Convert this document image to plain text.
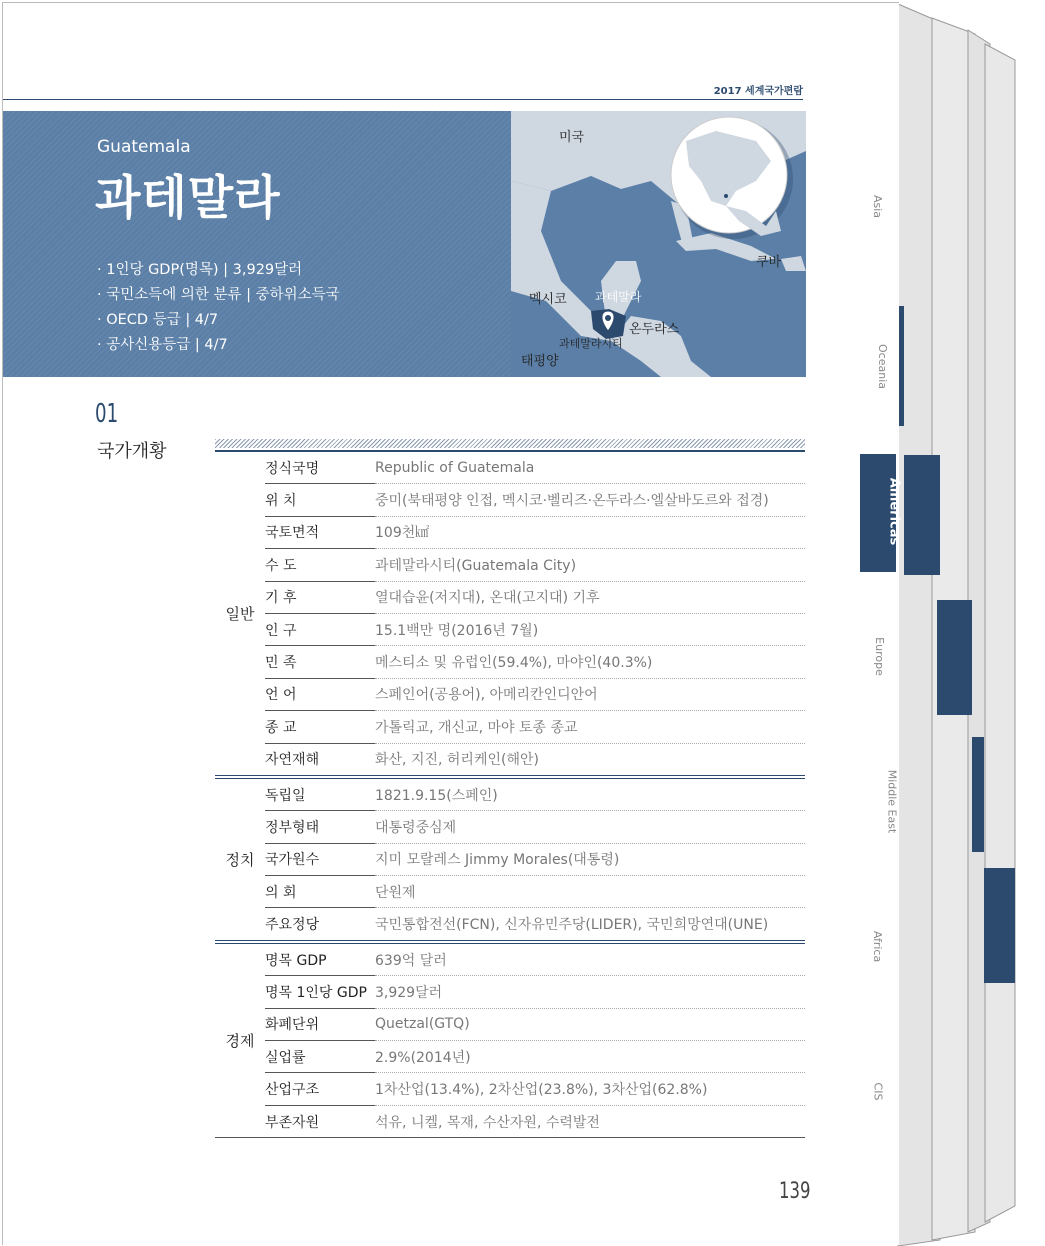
2017 세계국가편람
Guatemala
과테말라
· 1인당 GDP(명목) | 3,929달러
· 국민소득에 의한 분류 | 중하위소득국
· OECD 등급 | 4/7
· 공사신용등급 | 4/7
미국
멕시코 과테말라
온두라스
쿠바
과테말라시티
태평양
01
국가개황
일반	정식국명	Republic of Guatemala
	위 치	중미(북태평양 인접, 멕시코·벨리즈·온두라스·엘살바도르와 접경)
	국토면적	109천㎢
	수 도	과테말라시티(Guatemala City)
	기 후	열대습윤(저지대), 온대(고지대) 기후
	인 구	15.1백만 명(2016년 7월)
	민 족	메스티소 및 유럽인(59.4%), 마야인(40.3%)
	언 어	스페인어(공용어), 아메리칸인디안어
	종 교	가톨릭교, 개신교, 마야 토종 종교
	자연재해	화산, 지진, 허리케인(해안)
정치	독립일	1821.9.15(스페인)
	정부형태	대통령중심제
	국가원수	지미 모랄레스 Jimmy Morales(대통령)
	의 회	단원제
	주요정당	국민통합전선(FCN), 신자유민주당(LIDER), 국민희망연대(UNE)
경제	명목 GDP	639억 달러
	명목 1인당 GDP	3,929달러
	화폐단위	Quetzal(GTQ)
	실업률	2.9%(2014년)
	산업구조	1차산업(13.4%), 2차산업(23.8%), 3차산업(62.8%)
	부존자원	석유, 니켈, 목재, 수산자원, 수력발전
139
Asia
Oceania
Americas
Europe
Middle East
Africa
CIS
